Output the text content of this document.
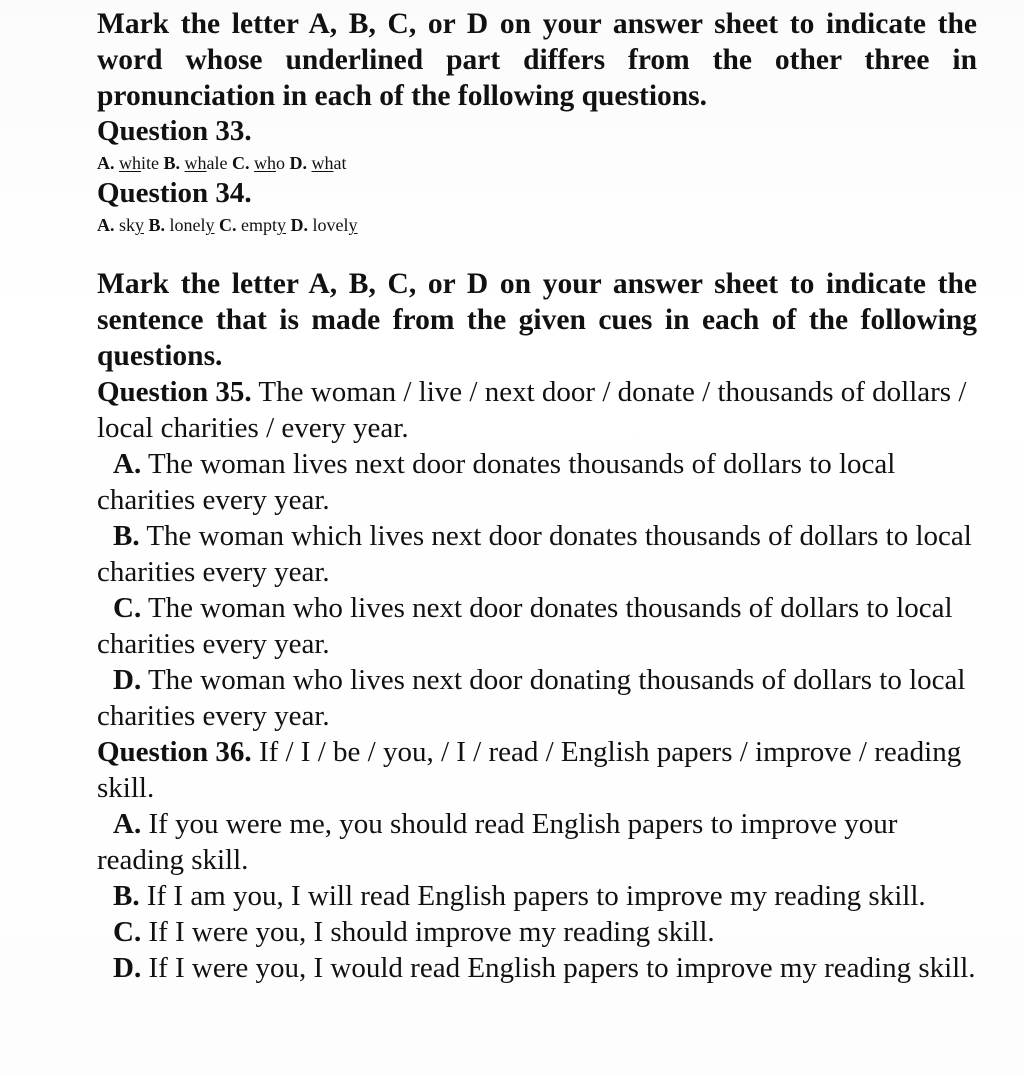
Mark the letter A, B, C, or D on your answer sheet to indicate the word whose underlined part differs from the other three in pronunciation in each of the following questions.
Question 33.
A. white B. whale C. who D. what
Question 34.
A. sky B. lonely C. empty D. lovely
Mark the letter A, B, C, or D on your answer sheet to indicate the sentence that is made from the given cues in each of the following questions.
Question 35. The woman / live / next door / donate / thousands of dollars / local charities / every year.
A. The woman lives next door donates thousands of dollars to local charities every year.
B. The woman which lives next door donates thousands of dollars to local charities every year.
C. The woman who lives next door donates thousands of dollars to local charities every year.
D. The woman who lives next door donating thousands of dollars to local charities every year.
Question 36. If / I / be / you, / I / read / English papers / improve / reading skill.
A. If you were me, you should read English papers to improve your reading skill.
B. If I am you, I will read English papers to improve my reading skill.
C. If I were you, I should improve my reading skill.
D. If I were you, I would read English papers to improve my reading skill.
